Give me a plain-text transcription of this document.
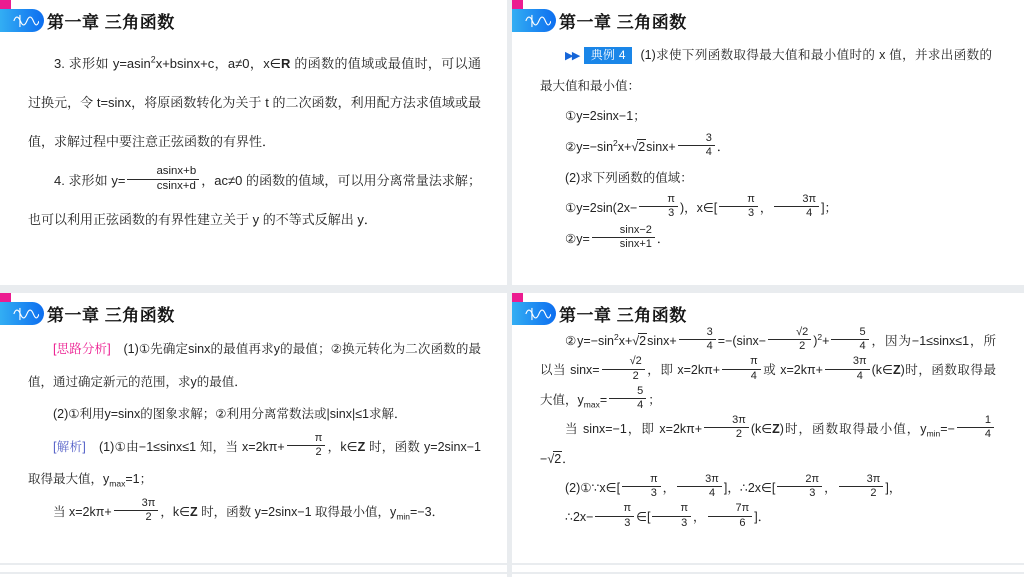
第一章 三角函数

3. 求形如 y=asin$^2$x+bsinx+c，a≠0，x∈R 的函数的值域或最值时，可以通过换元，令 t=sinx，将原函数转化为关于 t 的二次函数，利用配方法求值域或最值，求解过程中要注意正弦函数的有界性．

4. 求形如 $y= \frac{asinx+b}{csinx+d}$ ，ac≠0 的函数的值域，可以用分离常量法求解；也可以利用正弦函数的有界性建立关于 y 的不等式反解出 y．

第一章 三角函数

▶▶ 典例 4 (1)求使下列函数取得最大值和最小值时的 x 值，并求出函数的最大值和最小值：

①y=2sinx−1；

$②y=-\sin^2x+√2\sin x+ \frac{3}{4}$ ．

(2)求下列函数的值域：

①y=2sin(2x− $\frac{\pi}{3}$ )，x∈[ $\frac{\pi}{3}$ ， $\frac{3\pi}{4}$ ]；

②y= $\frac{\sin x-2}{\sin x+1}$ ．

第一章 三角函数

[思路分析]　(1)①先确定sinx的最值再求y的最值；②换元转化为二次函数的最值，通过确定新元的范围，求y的最值．

(2)①利用y=sinx的图象求解；②利用分离常数法或|sinx|≤1求解．

[解析]　(1)①由−1≤sinx≤1 知，当 $x=2k\pi+ \frac{\pi}{2}$ ，k∈Z 时，函数 y=2sinx−1 取得最大值，$y_{max}=1$；

当 $x=2k\pi+ \frac{3\pi}{2}$ ，k∈Z 时，函数 y=2sinx−1 取得最小值，$y_{min}=-3$．

第一章 三角函数

$②y=-\sin^2x+√2\sin x+ \frac{3}{4} =-(\sin x- \frac{√2}{2} )^2+ \frac{5}{4}$ ，因为−1≤sinx≤1，所以当 $\sin x= \frac{√2}{2}$ ，即 $x=2k\pi+ \frac{\pi}{4}$ 或 $x=2k\pi+ \frac{3\pi}{4}$ (k∈Z)时，函数取得最大值，$y_{max}= \frac{5}{4}$ ；

当 sinx=−1，即 $x=2k\pi+ \frac{3\pi}{2}$ (k∈Z)时，函数取得最小值，$y_{min}=- \frac{1}{4}$
−√2．

(2)①∵x∈[ $\frac{\pi}{3}$ ， $\frac{3\pi}{4}$ ]，∴2x∈[ $\frac{2\pi}{3}$ ， $\frac{3\pi}{2}$ ]，

∴2x− $\frac{\pi}{3}$ ∈[ $\frac{\pi}{3}$ ， $\frac{7\pi}{6}$ ]．
